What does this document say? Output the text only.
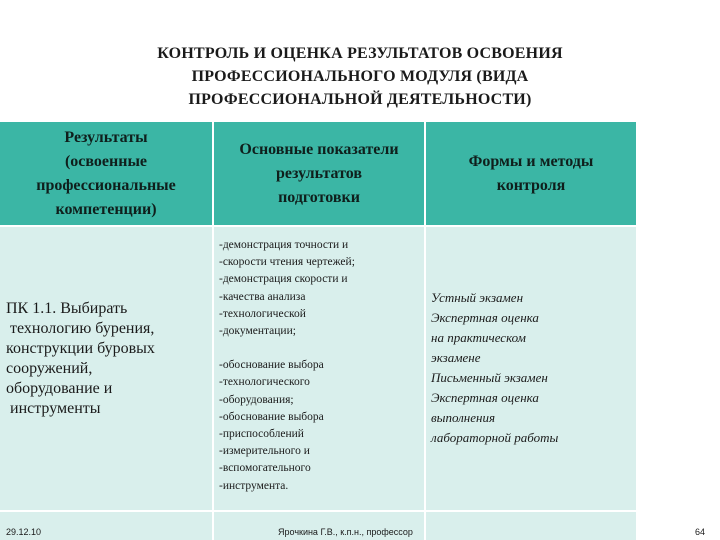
КОНТРОЛЬ И ОЦЕНКА РЕЗУЛЬТАТОВ ОСВОЕНИЯ
ПРОФЕССИОНАЛЬНОГО МОДУЛЯ (ВИДА
ПРОФЕССИОНАЛЬНОЙ ДЕЯТЕЛЬНОСТИ)
Результаты
(освоенные
профессиональные
компетенции)
Основные показатели
результатов
подготовки
Формы и методы
контроля
ПК 1.1. Выбирать
технологию бурения,
конструкции буровых
сооружений,
оборудование и
инструменты
-демонстрация точности и
-скорости чтения чертежей;
-демонстрация скорости и
-качества анализа
-технологической
-документации;
-обоснование выбора
-технологического
-оборудования;
-обоснование выбора
-приспособлений
-измерительного и
-вспомогательного
-инструмента.
Устный экзамен
Экспертная оценка
на практическом
экзамене
Письменный экзамен
Экспертная оценка
выполнения
лабораторной работы
29.12.10	Ярочкина Г.В., к.п.н., профессор	64
